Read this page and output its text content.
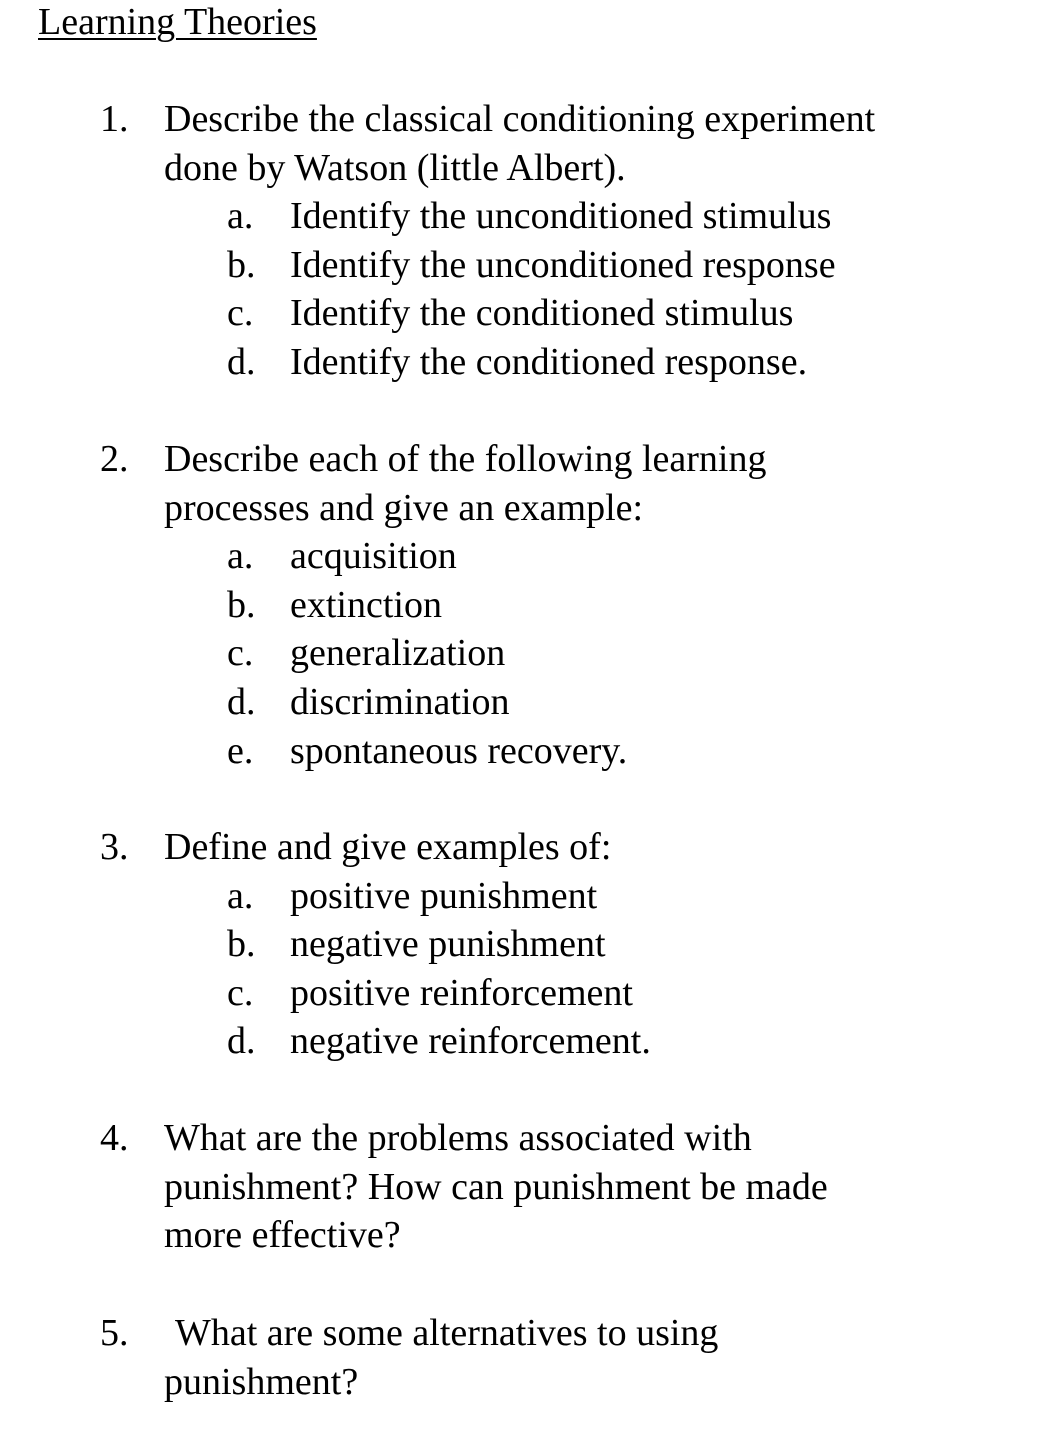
Learning Theories
1. Describe the classical conditioning experiment
done by Watson (little Albert).
a. Identify the unconditioned stimulus
b. Identify the unconditioned response
c. Identify the conditioned stimulus
d. Identify the conditioned response.
2. Describe each of the following learning
processes and give an example:
a. acquisition
b. extinction
c. generalization
d. discrimination
e. spontaneous recovery.
3. Define and give examples of:
a. positive punishment
b. negative punishment
c. positive reinforcement
d. negative reinforcement.
4. What are the problems associated with
punishment? How can punishment be made
more effective?
5. What are some alternatives to using
punishment?
